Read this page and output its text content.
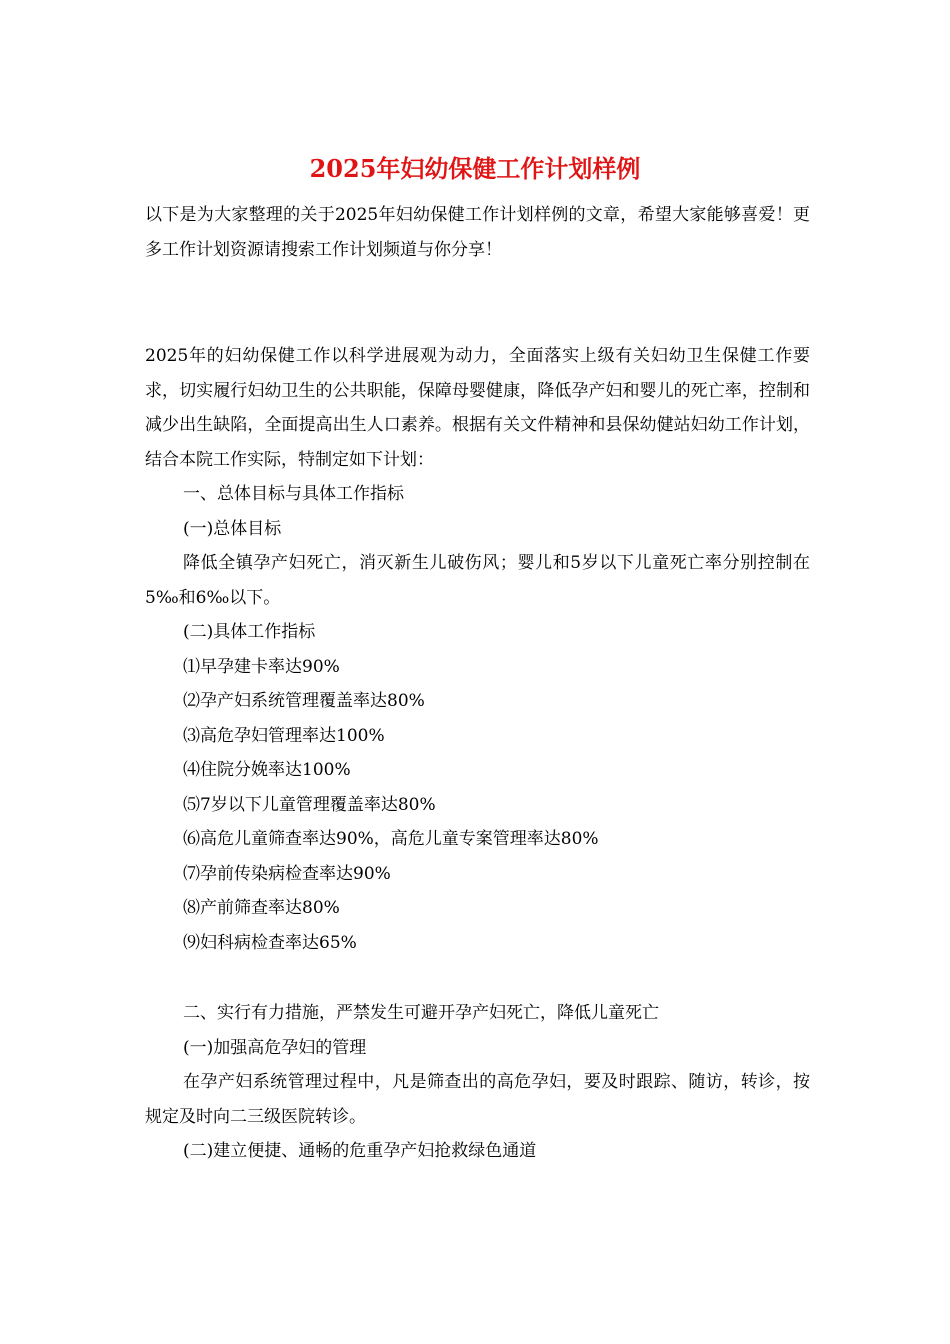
2025年妇幼保健工作计划样例

以下是为大家整理的关于2025年妇幼保健工作计划样例的文章，希望大家能够喜爱！更多工作计划资源请搜索工作计划频道与你分享！

2025年的妇幼保健工作以科学进展观为动力，全面落实上级有关妇幼卫生保健工作要求，切实履行妇幼卫生的公共职能，保障母婴健康，降低孕产妇和婴儿的死亡率，控制和减少出生缺陷，全面提高出生人口素养。根据有关文件精神和县保幼健站妇幼工作计划，结合本院工作实际，特制定如下计划：

一、总体目标与具体工作指标

(一)总体目标

降低全镇孕产妇死亡，消灭新生儿破伤风；婴儿和5岁以下儿童死亡率分别控制在5‰和6‰以下。

(二)具体工作指标

⑴早孕建卡率达90%

⑵孕产妇系统管理覆盖率达80%

⑶高危孕妇管理率达100%

⑷住院分娩率达100%

⑸7岁以下儿童管理覆盖率达80%

⑹高危儿童筛查率达90%，高危儿童专案管理率达80%

⑺孕前传染病检查率达90%

⑻产前筛查率达80%

⑼妇科病检查率达65%

二、实行有力措施，严禁发生可避开孕产妇死亡，降低儿童死亡

(一)加强高危孕妇的管理

在孕产妇系统管理过程中，凡是筛查出的高危孕妇，要及时跟踪、随访，转诊，按规定及时向二三级医院转诊。

(二)建立便捷、通畅的危重孕产妇抢救绿色通道
